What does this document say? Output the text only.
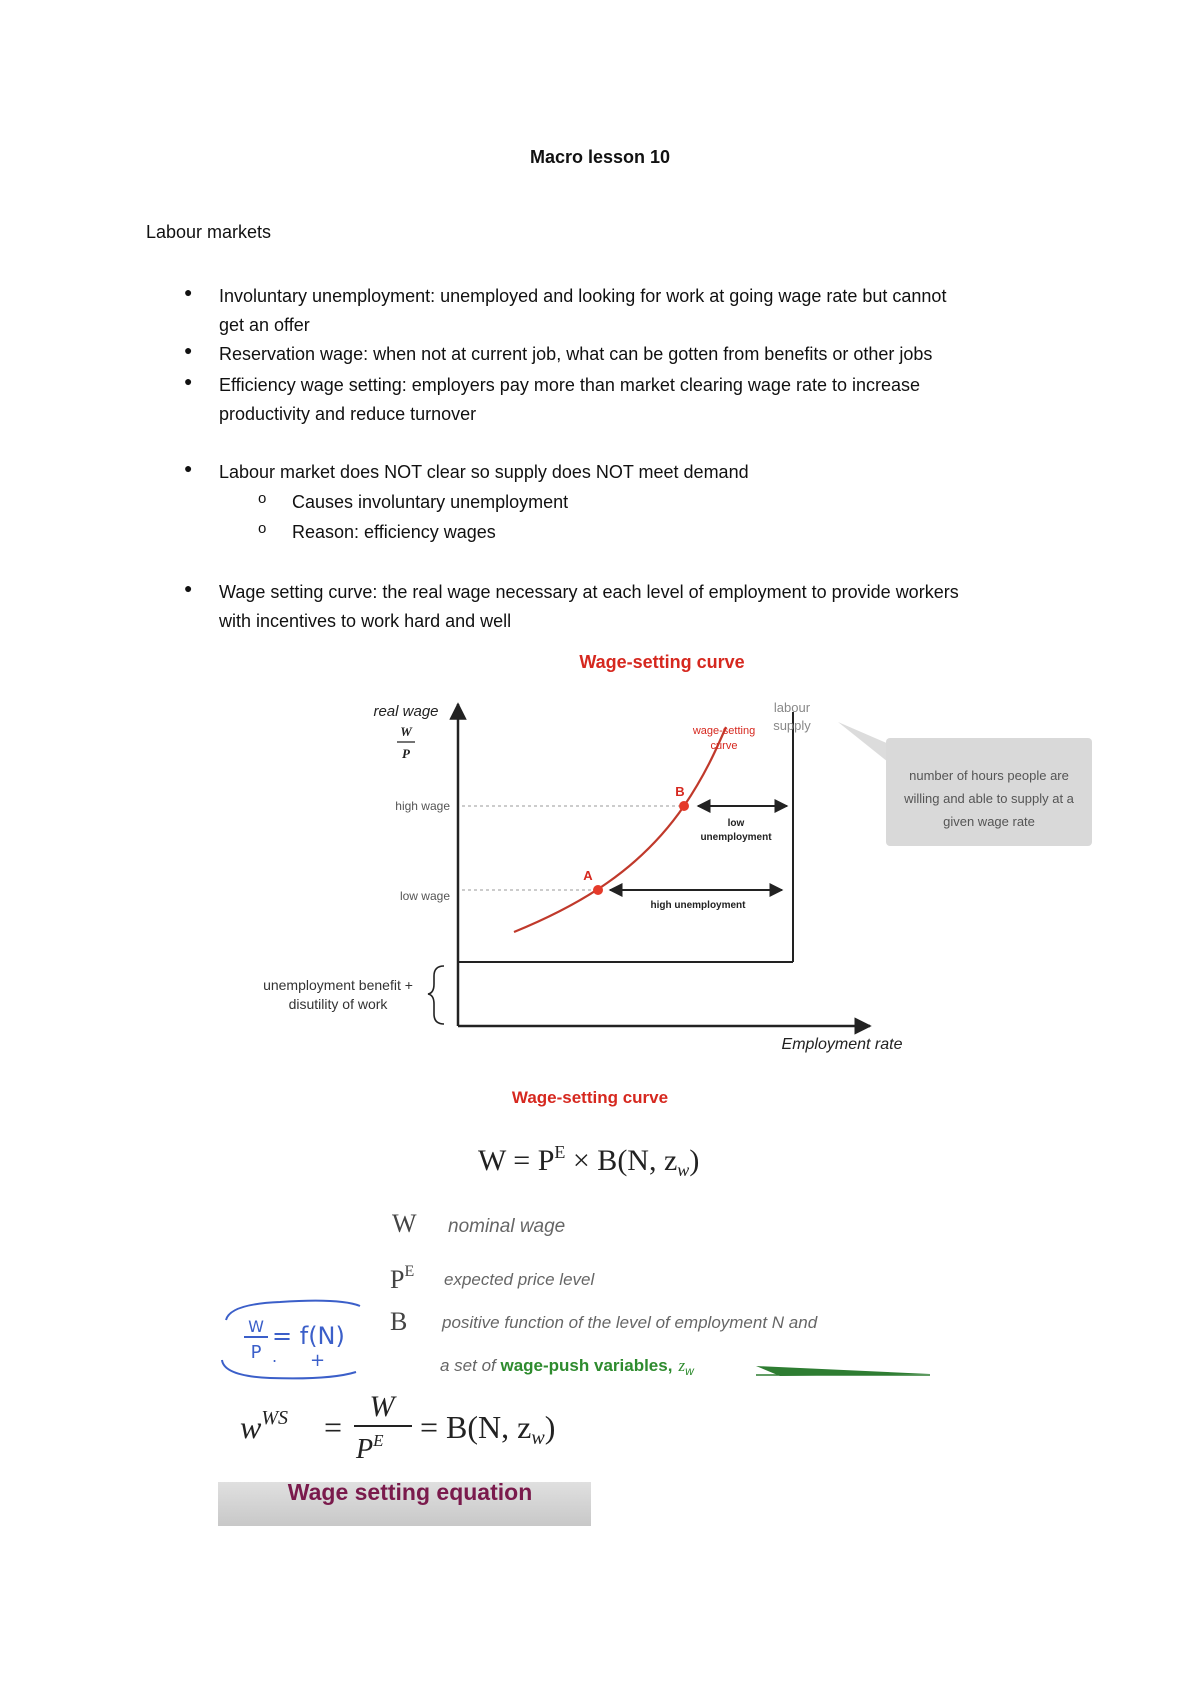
Macro lesson 10
Labour markets
● Involuntary unemployment: unemployed and looking for work at going wage rate but cannot
get an offer
● Reservation wage: when not at current job, what can be gotten from benefits or other jobs
● Efficiency wage setting: employers pay more than market clearing wage rate to increase
productivity and reduce turnover
● Labour market does NOT clear so supply does NOT meet demand
o Causes involuntary unemployment
o Reason: efficiency wages
● Wage setting curve: the real wage necessary at each level of employment to provide workers
with incentives to work hard and well
Wage-setting curve
real wage
W
P
Employment rate
labour
supply
high wage
low wage
wage-setting
curve
B
A
low
unemployment
high unemployment
unemployment benefit +
disutility of work
number of hours people are
willing and able to supply at a
given wage rate
Wage-setting curve
$W = P^E \times B(N$, $z_w$)
W nominal wage
$P^E$ expected price level
B positive function of the level of employment N and
a set of wage-push variables, $z_w$
W
P
= f(N)
. +
$w^{WS}$ =
W
$P^E = B(N$, zw)
Wage setting equation
